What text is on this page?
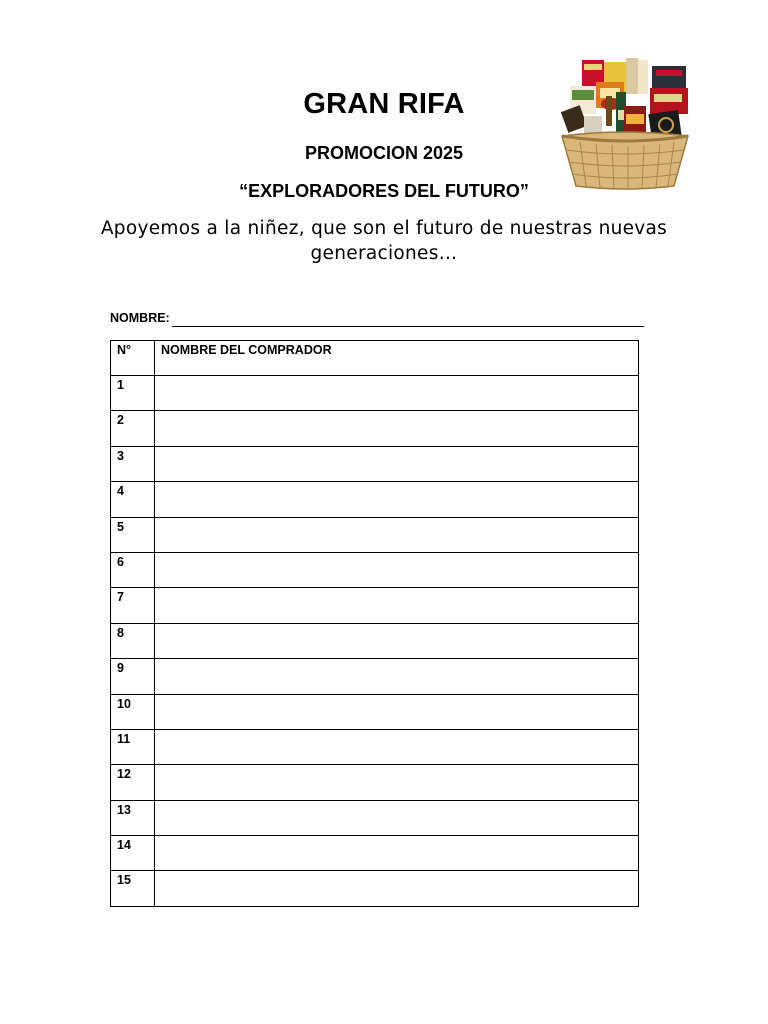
GRAN RIFA
PROMOCION 2025
“EXPLORADORES DEL FUTURO”
Apoyemos a la niñez, que son el futuro de nuestras nuevas generaciones…
NOMBRE:
N°	NOMBRE DEL COMPRADOR

1	

2	

3	

4	

5	

6	

7	

8	

9	

10	

11	

12	

13	

14	

15	
